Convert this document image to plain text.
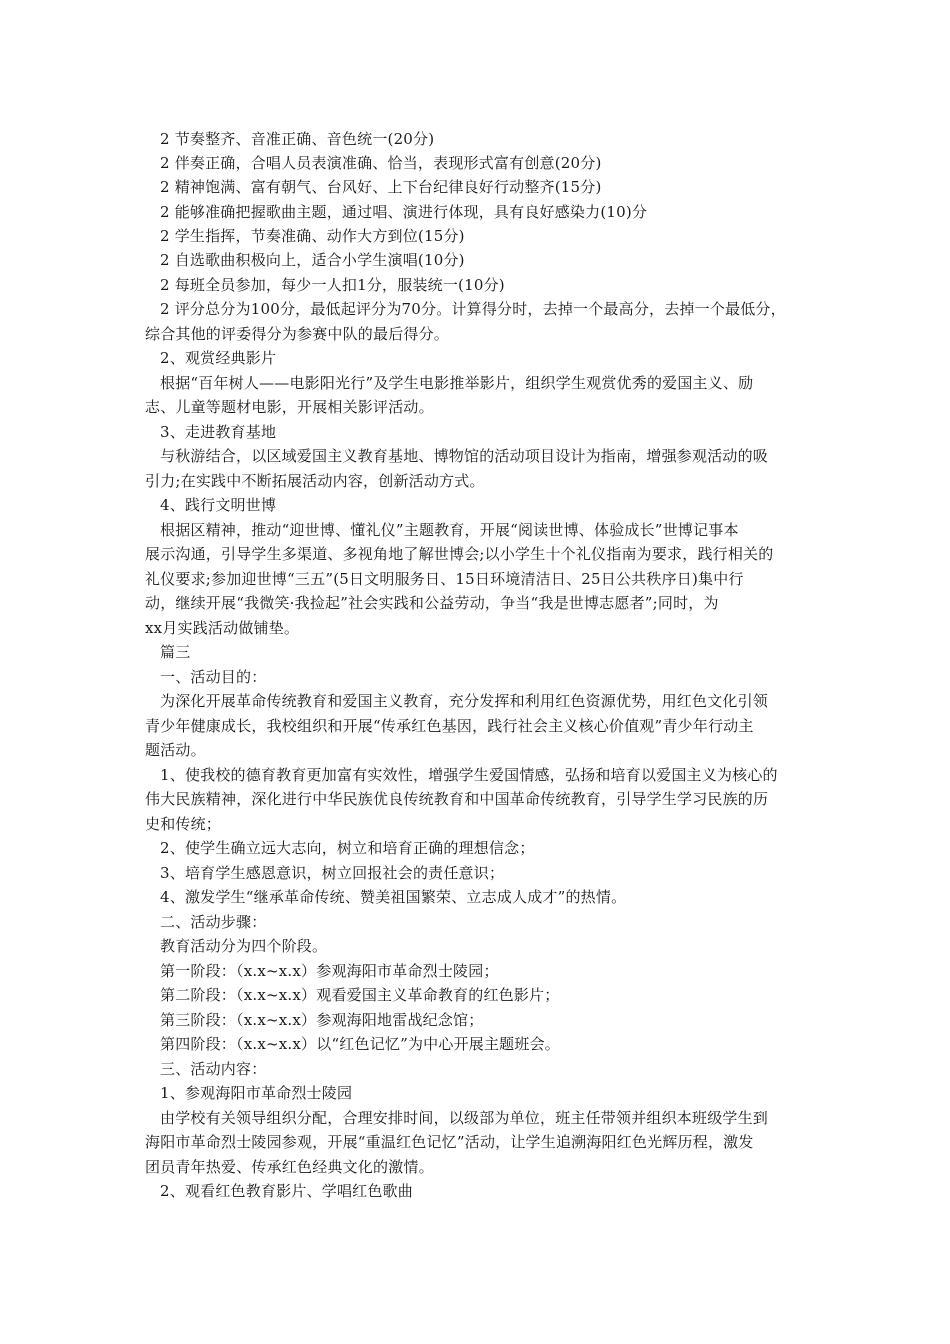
2 节奏整齐、音准正确、音色统一(20分)
2 伴奏正确，合唱人员表演准确、恰当，表现形式富有创意(20分)
2 精神饱满、富有朝气、台风好、上下台纪律良好行动整齐(15分)
2 能够准确把握歌曲主题，通过唱、演进行体现，具有良好感染力(10)分
2 学生指挥，节奏准确、动作大方到位(15分)
2 自选歌曲积极向上，适合小学生演唱(10分)
2 每班全员参加，每少一人扣1分，服装统一(10分)
2 评分总分为100分，最低起评分为70分。计算得分时，去掉一个最高分，去掉一个最低分，
综合其他的评委得分为参赛中队的最后得分。
2、观赏经典影片
根据“百年树人——电影阳光行”及学生电影推举影片，组织学生观赏优秀的爱国主义、励
志、儿童等题材电影，开展相关影评活动。
3、走进教育基地
与秋游结合，以区域爱国主义教育基地、博物馆的活动项目设计为指南，增强参观活动的吸
引力;在实践中不断拓展活动内容，创新活动方式。
4、践行文明世博
根据区精神，推动“迎世博、懂礼仪”主题教育，开展“阅读世博、体验成长”世博记事本
展示沟通，引导学生多渠道、多视角地了解世博会;以小学生十个礼仪指南为要求，践行相关的
礼仪要求;参加迎世博“三五”(5日文明服务日、15日环境清洁日、25日公共秩序日)集中行
动，继续开展“我微笑·我捡起”社会实践和公益劳动，争当“我是世博志愿者”;同时，为
xx月实践活动做铺垫。
篇三
一、活动目的：
为深化开展革命传统教育和爱国主义教育，充分发挥和利用红色资源优势，用红色文化引领
青少年健康成长，我校组织和开展“传承红色基因，践行社会主义核心价值观”青少年行动主
题活动。
1、使我校的德育教育更加富有实效性，增强学生爱国情感，弘扬和培育以爱国主义为核心的
伟大民族精神，深化进行中华民族优良传统教育和中国革命传统教育，引导学生学习民族的历
史和传统；
2、使学生确立远大志向，树立和培育正确的理想信念；
3、培育学生感恩意识，树立回报社会的责任意识；
4、激发学生“继承革命传统、赞美祖国繁荣、立志成人成才”的热情。
二、活动步骤：
教育活动分为四个阶段。
第一阶段：（x.x~x.x）参观海阳市革命烈士陵园；
第二阶段：（x.x~x.x）观看爱国主义革命教育的红色影片；
第三阶段：（x.x~x.x）参观海阳地雷战纪念馆；
第四阶段：（x.x~x.x）以“红色记忆”为中心开展主题班会。
三、活动内容：
1、参观海阳市革命烈士陵园
由学校有关领导组织分配，合理安排时间，以级部为单位，班主任带领并组织本班级学生到
海阳市革命烈士陵园参观，开展“重温红色记忆”活动，让学生追溯海阳红色光辉历程，激发
团员青年热爱、传承红色经典文化的激情。
2、观看红色教育影片、学唱红色歌曲
